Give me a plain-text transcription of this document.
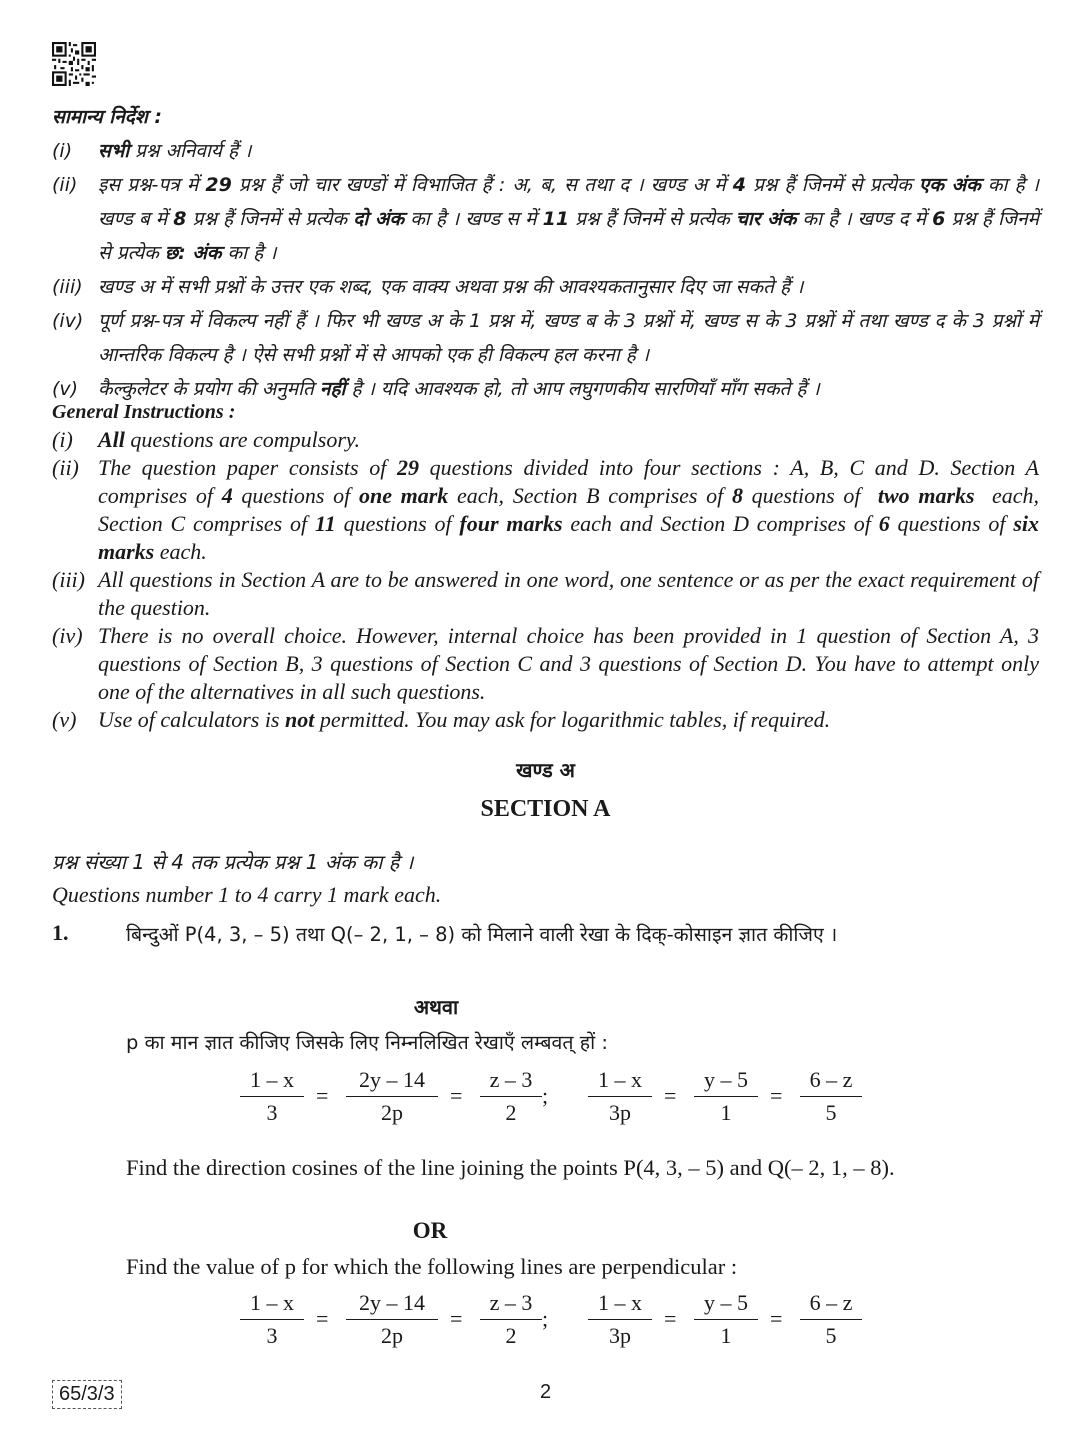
सामान्य निर्देश :
(i)	सभी प्रश्न अनिवार्य हैं ।
(ii)	इस प्रश्न-पत्र में 29 प्रश्न हैं जो चार खण्डों में विभाजित हैं : अ, ब, स तथा द । खण्ड अ में 4 प्रश्न हैं जिनमें से प्रत्येक एक अंक का है । खण्ड ब में 8 प्रश्न हैं जिनमें से प्रत्येक दो अंक का है । खण्ड स में 11 प्रश्न हैं जिनमें से प्रत्येक चार अंक का है । खण्ड द में 6 प्रश्न हैं जिनमें से प्रत्येक छ: अंक का है ।
(iii) खण्ड अ में सभी प्रश्नों के उत्तर एक शब्द, एक वाक्य अथवा प्रश्न की आवश्यकतानुसार दिए जा सकते हैं ।
(iv) पूर्ण प्रश्न-पत्र में विकल्प नहीं हैं । फिर भी खण्ड अ के 1 प्रश्न में, खण्ड ब के 3 प्रश्नों में, खण्ड स के 3 प्रश्नों में तथा खण्ड द के 3 प्रश्नों में आन्तरिक विकल्प है । ऐसे सभी प्रश्नों में से आपको एक ही विकल्प हल करना है ।
(v)	कैल्कुलेटर के प्रयोग की अनुमति नहीं है । यदि आवश्यक हो, तो आप लघुगणकीय सारणियाँ माँग सकते हैं ।
General Instructions :
(i)	All questions are compulsory.
(ii) The question paper consists of 29 questions divided into four sections : A, B, C and D. Section A comprises of 4 questions of one mark each, Section B comprises of 8 questions of  two marks  each, Section C comprises of 11 questions of four marks each and Section D comprises of 6 questions of six marks each.
(iii) All questions in Section A are to be answered in one word, one sentence or as per the exact requirement of the question.
(iv) There is no overall choice. However, internal choice has been provided in 1 question of Section A, 3 questions of Section B, 3 questions of Section C and 3 questions of Section D. You have to attempt only one of the alternatives in all such questions.
(v) Use of calculators is not permitted. You may ask for logarithmic tables, if required.
खण्ड अ
SECTION A
प्रश्न संख्या 1 से 4 तक प्रत्येक प्रश्न 1 अंक का है ।
Questions number 1 to 4 carry 1 mark each.
1.	बिन्दुओं P(4, 3, – 5) तथा Q(– 2, 1, – 8) को मिलाने वाली रेखा के दिक्-कोसाइन ज्ञात कीजिए ।
अथवा
p का मान ज्ञात कीजिए जिसके लिए निम्नलिखित रेखाएँ लम्बवत् हों :
$\frac{1 - x}{3} = \frac{2y - 14}{2p} = \frac{z - 3}{2}$ ; $\frac{1 - x}{3p} = \frac{y - 5}{1} = \frac{6 - z}{5}$
Find the direction cosines of the line joining the points P(4, 3, – 5) and Q(– 2, 1, – 8).
OR
Find the value of p for which the following lines are perpendicular :
$\frac{1 - x}{3} = \frac{2y - 14}{2p} = \frac{z - 3}{2}$ ; $\frac{1 - x}{3p} = \frac{y - 5}{1} = \frac{6 - z}{5}$
65/3/3	2
